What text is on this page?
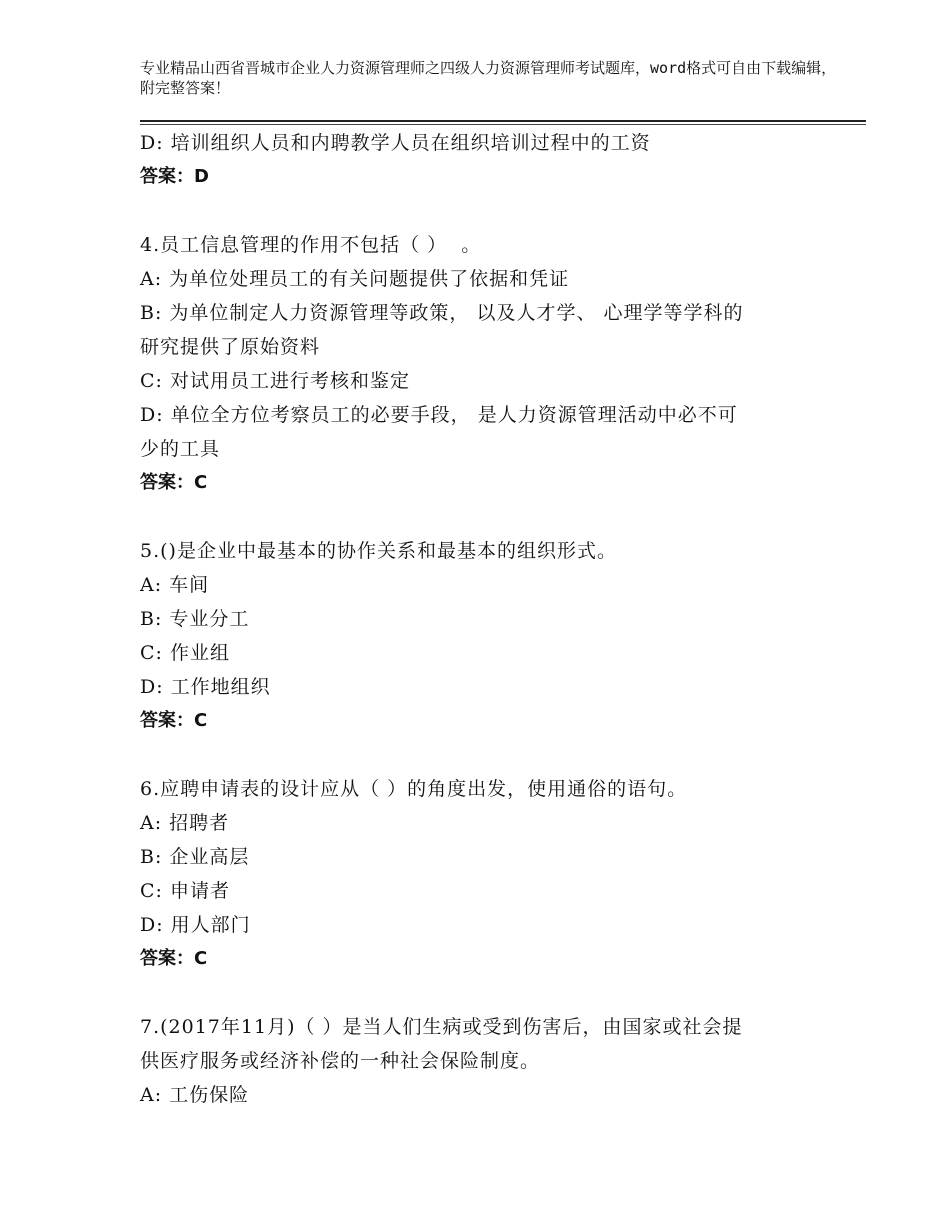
专业精品山西省晋城市企业人力资源管理师之四级人力资源管理师考试题库，word格式可自由下载编辑，附完整答案！
D: 培训组织人员和内聘教学人员在组织培训过程中的工资
答案：D
4.员工信息管理的作用不包括（ ）  。
A: 为单位处理员工的有关问题提供了依据和凭证
B: 为单位制定人力资源管理等政策， 以及人才学、 心理学等学科的
研究提供了原始资料
C: 对试用员工进行考核和鉴定
D: 单位全方位考察员工的必要手段， 是人力资源管理活动中必不可
少的工具
答案：C
5.()是企业中最基本的协作关系和最基本的组织形式。
A: 车间
B: 专业分工
C: 作业组
D: 工作地组织
答案：C
6.应聘申请表的设计应从（ ）的角度出发，使用通俗的语句。
A: 招聘者
B: 企业高层
C: 申请者
D: 用人部门
答案：C
7.(2017年11月)（ ）是当人们生病或受到伤害后，由国家或社会提
供医疗服务或经济补偿的一种社会保险制度。
A: 工伤保险
